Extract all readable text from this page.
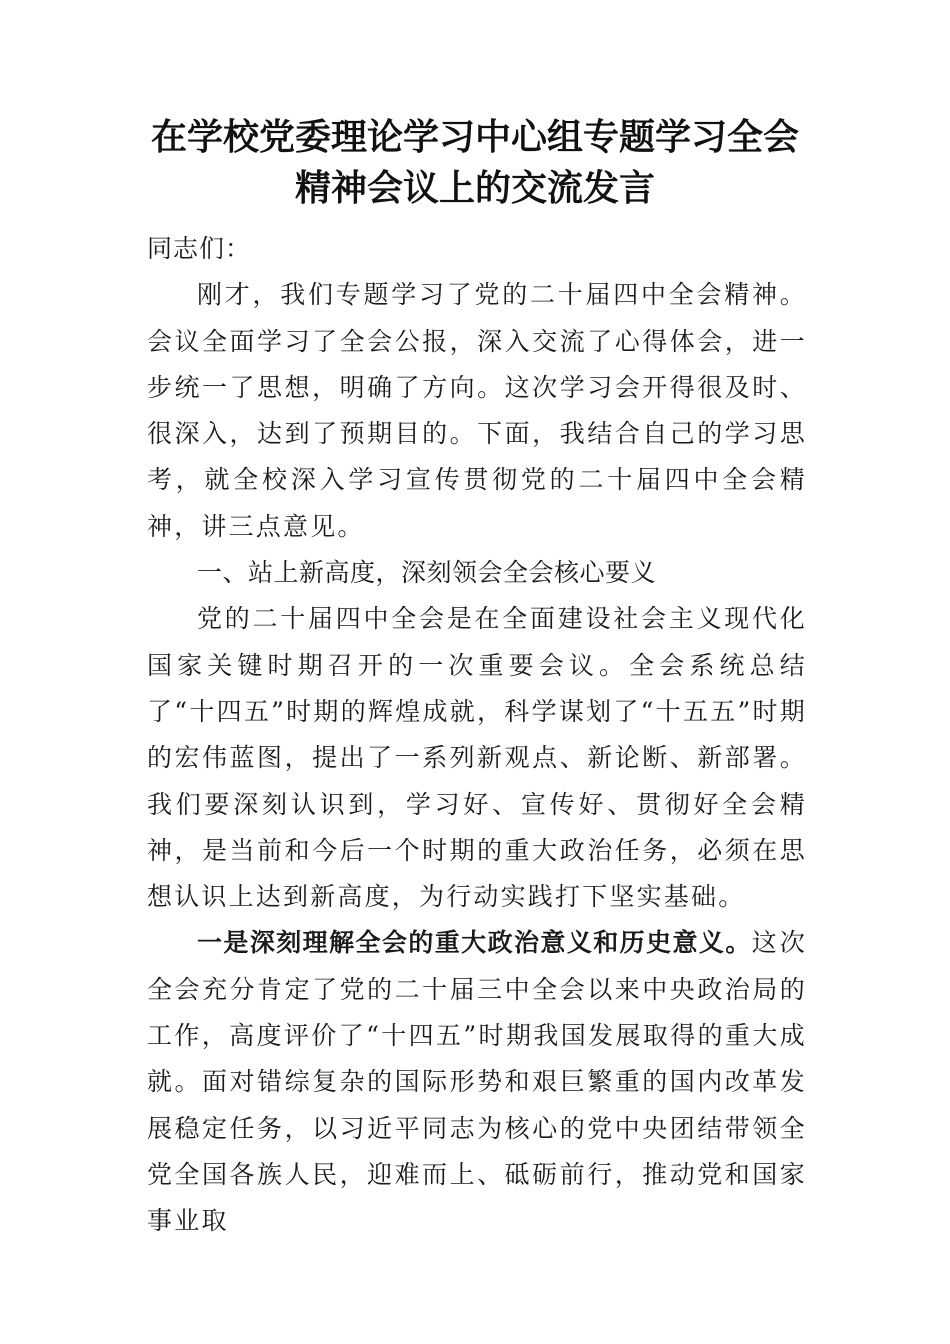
在学校党委理论学习中心组专题学习全会
精神会议上的交流发言

同志们：

刚才，我们专题学习了党的二十届四中全会精神。会议全面学习了全会公报，深入交流了心得体会，进一步统一了思想，明确了方向。这次学习会开得很及时、很深入，达到了预期目的。下面，我结合自己的学习思考，就全校深入学习宣传贯彻党的二十届四中全会精神，讲三点意见。

一、站上新高度，深刻领会全会核心要义

党的二十届四中全会是在全面建设社会主义现代化国家关键时期召开的一次重要会议。全会系统总结了“十四五”时期的辉煌成就，科学谋划了“十五五”时期的宏伟蓝图，提出了一系列新观点、新论断、新部署。我们要深刻认识到，学习好、宣传好、贯彻好全会精神，是当前和今后一个时期的重大政治任务，必须在思想认识上达到新高度，为行动实践打下坚实基础。

一是深刻理解全会的重大政治意义和历史意义。这次全会充分肯定了党的二十届三中全会以来中央政治局的工作，高度评价了“十四五”时期我国发展取得的重大成就。面对错综复杂的国际形势和艰巨繁重的国内改革发展稳定任务，以习近平同志为核心的党中央团结带领全党全国各族人民，迎难而上、砥砺前行，推动党和国家事业取
